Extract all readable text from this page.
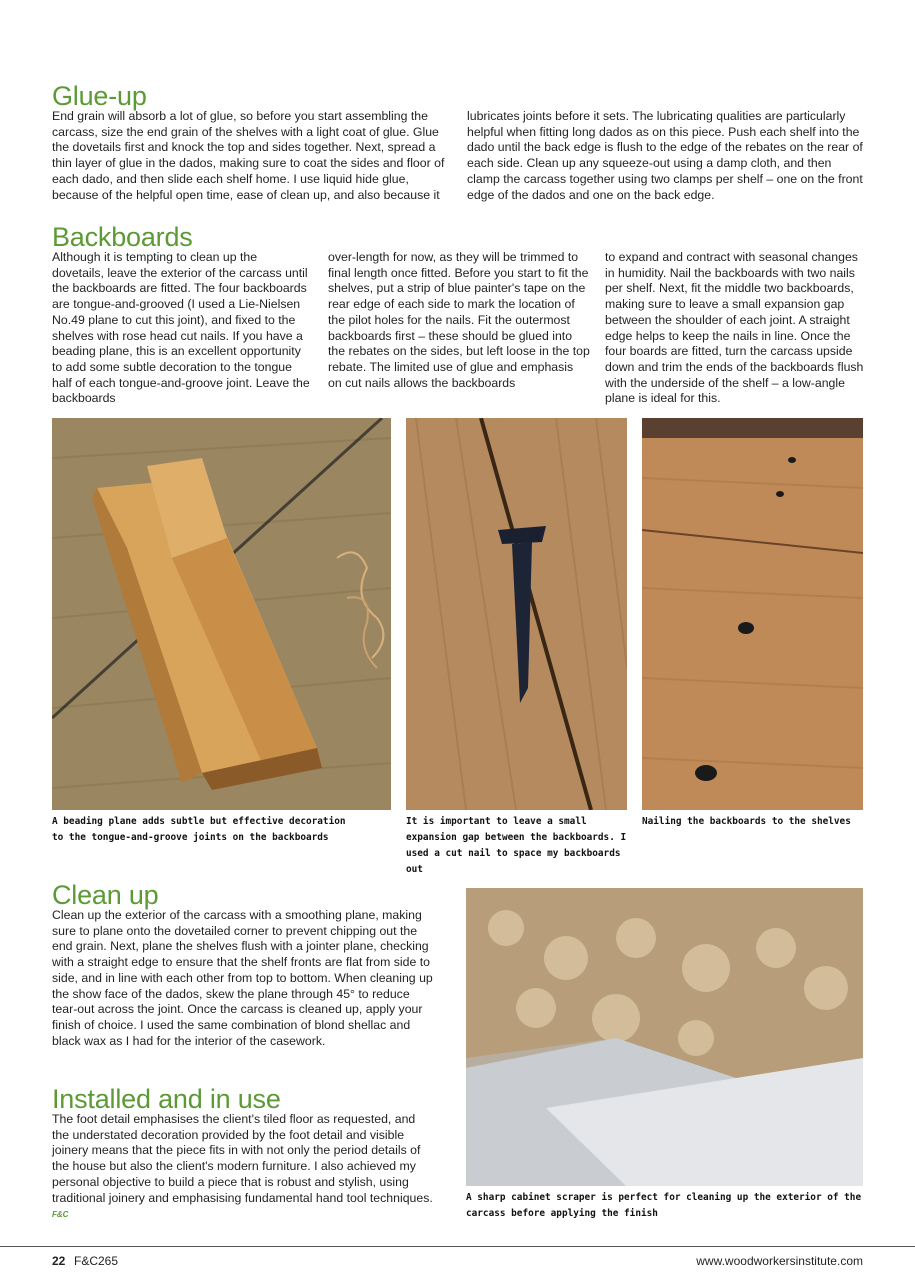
Glue-up

End grain will absorb a lot of glue, so before you start assembling the carcass, size the end grain of the shelves with a light coat of glue. Glue the dovetails first and knock the top and sides together. Next, spread a thin layer of glue in the dados, making sure to coat the sides and floor of each dado, and then slide each shelf home. I use liquid hide glue, because of the helpful open time, ease of clean up, and also because it

lubricates joints before it sets. The lubricating qualities are particularly helpful when fitting long dados as on this piece. Push each shelf into the dado until the back edge is flush to the edge of the rebates on the rear of each side. Clean up any squeeze-out using a damp cloth, and then clamp the carcass together using two clamps per shelf – one on the front edge of the dados and one on the back edge.

Backboards

Although it is tempting to clean up the dovetails, leave the exterior of the carcass until the backboards are fitted. The four backboards are tongue-and-grooved (I used a Lie-Nielsen No.49 plane to cut this joint), and fixed to the shelves with rose head cut nails. If you have a beading plane, this is an excellent opportunity to add some subtle decoration to the tongue half of each tongue-and-groove joint. Leave the backboards

over-length for now, as they will be trimmed to final length once fitted. Before you start to fit the shelves, put a strip of blue painter's tape on the rear edge of each side to mark the location of the pilot holes for the nails. Fit the outermost backboards first – these should be glued into the rebates on the sides, but left loose in the top rebate. The limited use of glue and emphasis on cut nails allows the backboards

to expand and contract with seasonal changes in humidity. Nail the backboards with two nails per shelf. Next, fit the middle two backboards, making sure to leave a small expansion gap between the shoulder of each joint. A straight edge helps to keep the nails in line. Once the four boards are fitted, turn the carcass upside down and trim the ends of the backboards flush with the underside of the shelf – a low-angle plane is ideal for this.

A beading plane adds subtle but effective decoration to the tongue-and-groove joints on the backboards

It is important to leave a small expansion gap between the backboards. I used a cut nail to space my backboards out

Nailing the backboards to the shelves

Clean up

Clean up the exterior of the carcass with a smoothing plane, making sure to plane onto the dovetailed corner to prevent chipping out the end grain. Next, plane the shelves flush with a jointer plane, checking with a straight edge to ensure that the shelf fronts are flat from side to side, and in line with each other from top to bottom. When cleaning up the show face of the dados, skew the plane through 45° to reduce tear-out across the joint. Once the carcass is cleaned up, apply your finish of choice. I used the same combination of blond shellac and black wax as I had for the interior of the casework.

Installed and in use

The foot detail emphasises the client's tiled floor as requested, and the understated decoration provided by the foot detail and visible joinery means that the piece fits in with not only the period details of the house but also the client's modern furniture. I also achieved my personal objective to build a piece that is robust and stylish, using traditional joinery and emphasising fundamental hand tool techniques. F&C

A sharp cabinet scraper is perfect for cleaning up the exterior of the carcass before applying the finish

22 F&C265	www.woodworkersinstitute.com
